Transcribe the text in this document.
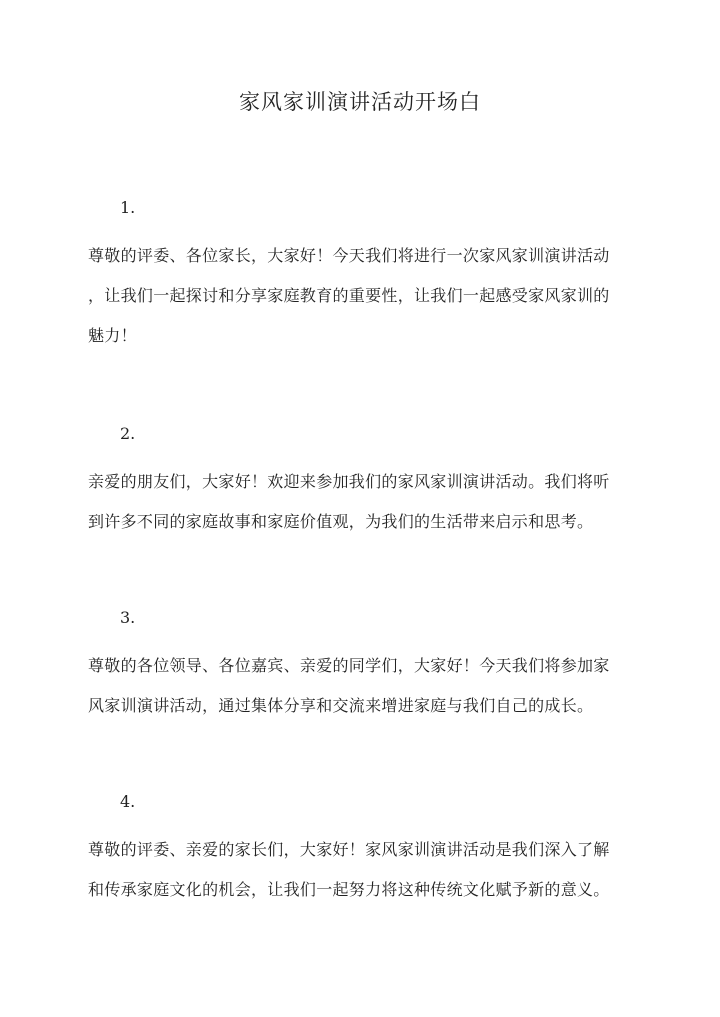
家风家训演讲活动开场白
1.

尊敬的评委、各位家长，大家好！今天我们将进行一次家风家训演讲活动
，让我们一起探讨和分享家庭教育的重要性，让我们一起感受家风家训的
魅力！

2.

亲爱的朋友们，大家好！欢迎来参加我们的家风家训演讲活动。我们将听
到许多不同的家庭故事和家庭价值观，为我们的生活带来启示和思考。

3.

尊敬的各位领导、各位嘉宾、亲爱的同学们，大家好！今天我们将参加家
风家训演讲活动，通过集体分享和交流来增进家庭与我们自己的成长。

4.

尊敬的评委、亲爱的家长们，大家好！家风家训演讲活动是我们深入了解
和传承家庭文化的机会，让我们一起努力将这种传统文化赋予新的意义。
